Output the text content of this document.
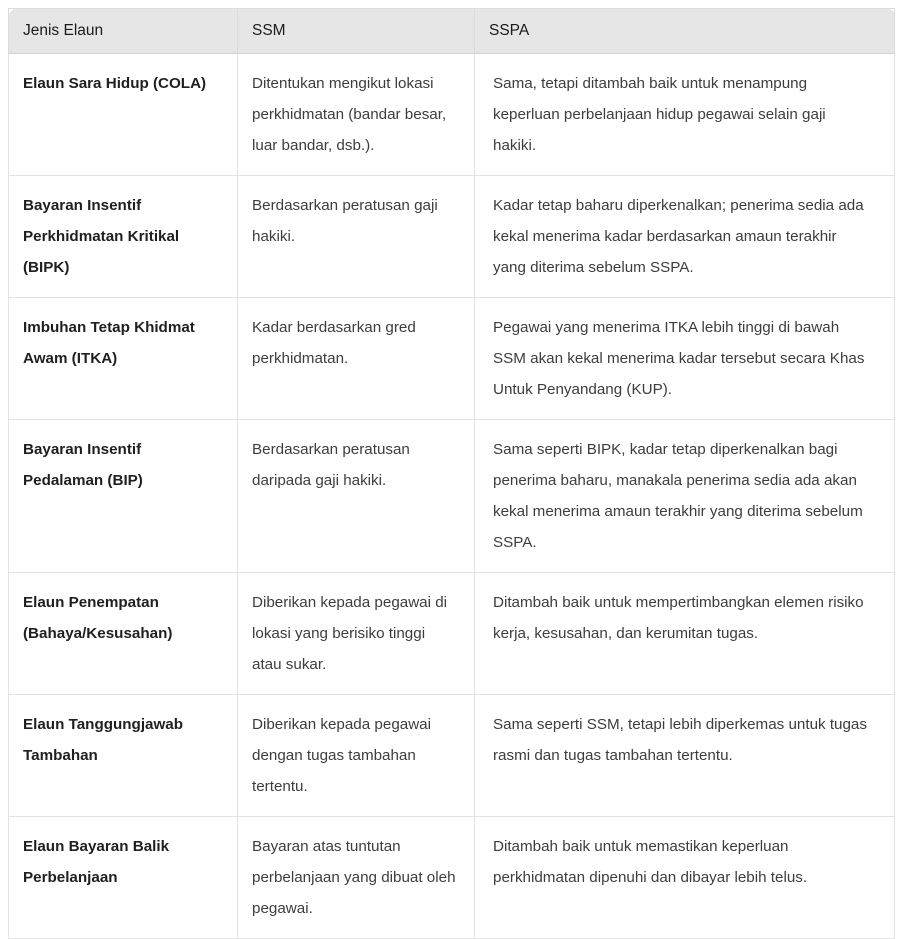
Jenis Elaun	SSM	SSPA
Elaun Sara Hidup (COLA)	Ditentukan mengikut lokasi perkhidmatan (bandar besar, luar bandar, dsb.).	Sama, tetapi ditambah baik untuk menampung keperluan perbelanjaan hidup pegawai selain gaji hakiki.
Bayaran Insentif Perkhidmatan Kritikal (BIPK)	Berdasarkan peratusan gaji hakiki.	Kadar tetap baharu diperkenalkan; penerima sedia ada kekal menerima kadar berdasarkan amaun terakhir yang diterima sebelum SSPA.
Imbuhan Tetap Khidmat Awam (ITKA)	Kadar berdasarkan gred perkhidmatan.	Pegawai yang menerima ITKA lebih tinggi di bawah SSM akan kekal menerima kadar tersebut secara Khas Untuk Penyandang (KUP).
Bayaran Insentif Pedalaman (BIP)	Berdasarkan peratusan daripada gaji hakiki.	Sama seperti BIPK, kadar tetap diperkenalkan bagi penerima baharu, manakala penerima sedia ada akan kekal menerima amaun terakhir yang diterima sebelum SSPA.
Elaun Penempatan (Bahaya/Kesusahan)	Diberikan kepada pegawai di lokasi yang berisiko tinggi atau sukar.	Ditambah baik untuk mempertimbangkan elemen risiko kerja, kesusahan, dan kerumitan tugas.
Elaun Tanggungjawab Tambahan	Diberikan kepada pegawai dengan tugas tambahan tertentu.	Sama seperti SSM, tetapi lebih diperkemas untuk tugas rasmi dan tugas tambahan tertentu.
Elaun Bayaran Balik Perbelanjaan	Bayaran atas tuntutan perbelanjaan yang dibuat oleh pegawai.	Ditambah baik untuk memastikan keperluan perkhidmatan dipenuhi dan dibayar lebih telus.
